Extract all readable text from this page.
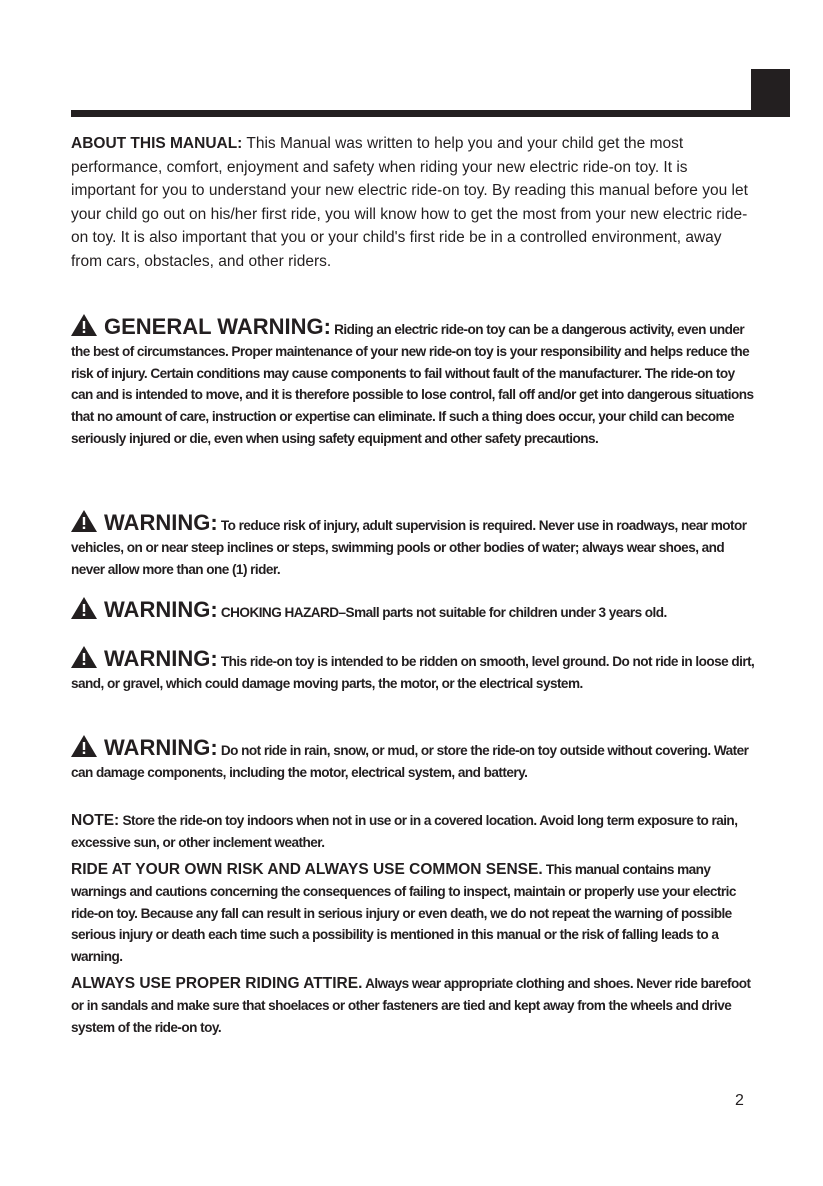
ABOUT THIS MANUAL: This Manual was written to help you and your child get the most performance, comfort, enjoyment and safety when riding your new electric ride-on toy. It is important for you to understand your new electric ride-on toy. By reading this manual before you let your child go out on his/her first ride, you will know how to get the most from your new electric ride-on toy. It is also important that you or your child's first ride be in a controlled environment, away from cars, obstacles, and other riders.
GENERAL WARNING: Riding an electric ride-on toy can be a dangerous activity, even under the best of circumstances. Proper maintenance of your new ride-on toy is your responsibility and helps reduce the risk of injury. Certain conditions may cause components to fail without fault of the manufacturer. The ride-on toy can and is intended to move, and it is therefore possible to lose control, fall off and/or get into dangerous situations that no amount of care, instruction or expertise can eliminate. If such a thing does occur, your child can become seriously injured or die, even when using safety equipment and other safety precautions.
WARNING: To reduce risk of injury, adult supervision is required. Never use in roadways, near motor vehicles, on or near steep inclines or steps, swimming pools or other bodies of water; always wear shoes, and never allow more than one (1) rider.
WARNING: CHOKING HAZARD–Small parts not suitable for children under 3 years old.
WARNING: This ride-on toy is intended to be ridden on smooth, level ground. Do not ride in loose dirt, sand, or gravel, which could damage moving parts, the motor, or the electrical system.
WARNING: Do not ride in rain, snow, or mud, or store the ride-on toy outside without covering. Water can damage components, including the motor, electrical system, and battery.
NOTE: Store the ride-on toy indoors when not in use or in a covered location. Avoid long term exposure to rain, excessive sun, or other inclement weather.
RIDE AT YOUR OWN RISK AND ALWAYS USE COMMON SENSE. This manual contains many warnings and cautions concerning the consequences of failing to inspect, maintain or properly use your electric ride-on toy. Because any fall can result in serious injury or even death, we do not repeat the warning of possible serious injury or death each time such a possibility is mentioned in this manual or the risk of falling leads to a warning.
ALWAYS USE PROPER RIDING ATTIRE. Always wear appropriate clothing and shoes. Never ride barefoot or in sandals and make sure that shoelaces or other fasteners are tied and kept away from the wheels and drive system of the ride-on toy.
2
